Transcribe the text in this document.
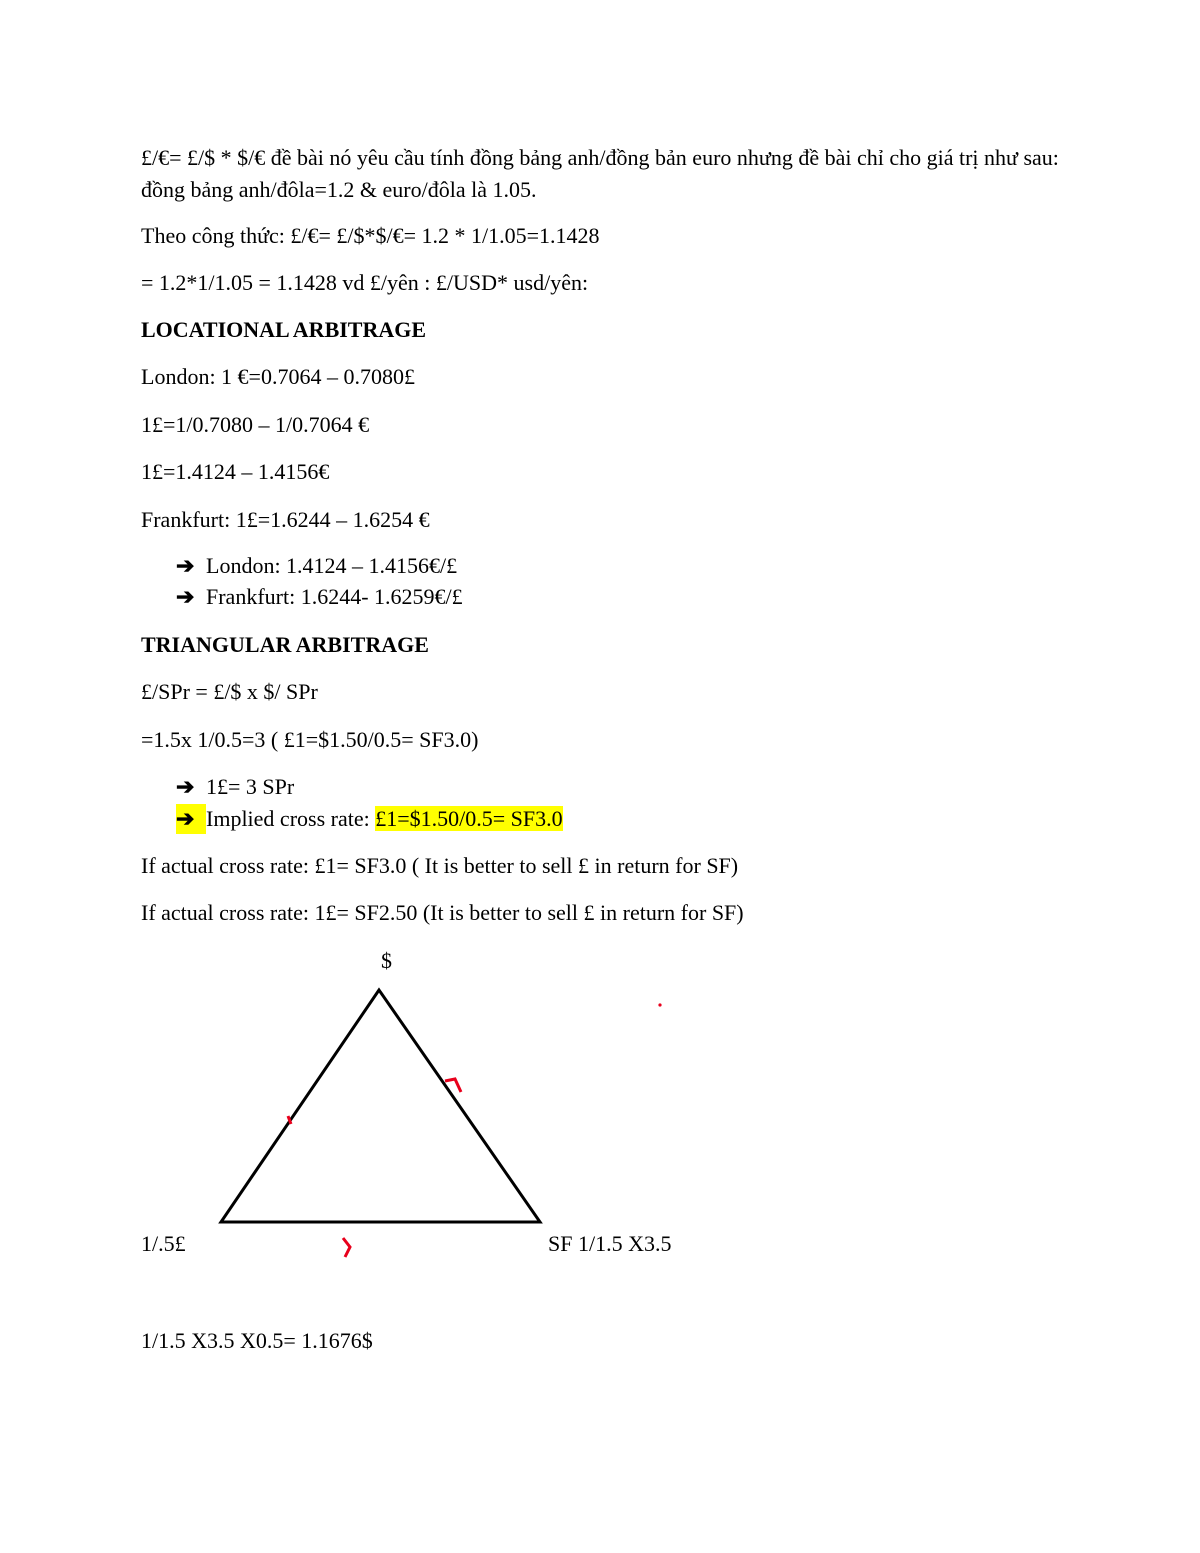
£/€= £/$ * $/€ đề bài nó yêu cầu tính đồng bảng anh/đồng bản euro nhưng đề bài chỉ cho giá trị như sau: đồng bảng anh/đôla=1.2 & euro/đôla là 1.05.
Theo công thức: £/€= £/$*$/€= 1.2 * 1/1.05=1.1428
= 1.2*1/1.05 = 1.1428 vd £/yên : £/USD* usd/yên:
LOCATIONAL ARBITRAGE
London: 1 €=0.7064 – 0.7080£
1£=1/0.7080 – 1/0.7064 €
1£=1.4124 – 1.4156€
Frankfurt: 1£=1.6244 – 1.6254 €
➔ London: 1.4124 – 1.4156€/£
➔ Frankfurt: 1.6244- 1.6259€/£
TRIANGULAR ARBITRAGE
£/SPr = £/$ x $/ SPr
=1.5x 1/0.5=3 ( £1=$1.50/0.5= SF3.0)
➔ 1£= 3 SPr
➔ Implied cross rate: £1=$1.50/0.5= SF3.0
If actual cross rate: £1= SF3.0 ( It is better to sell £ in return for SF)
If actual cross rate: 1£= SF2.50 (It is better to sell £ in return for SF)
$
1/.5£	SF 1/1.5 X3.5
1/1.5 X3.5 X0.5= 1.1676$
